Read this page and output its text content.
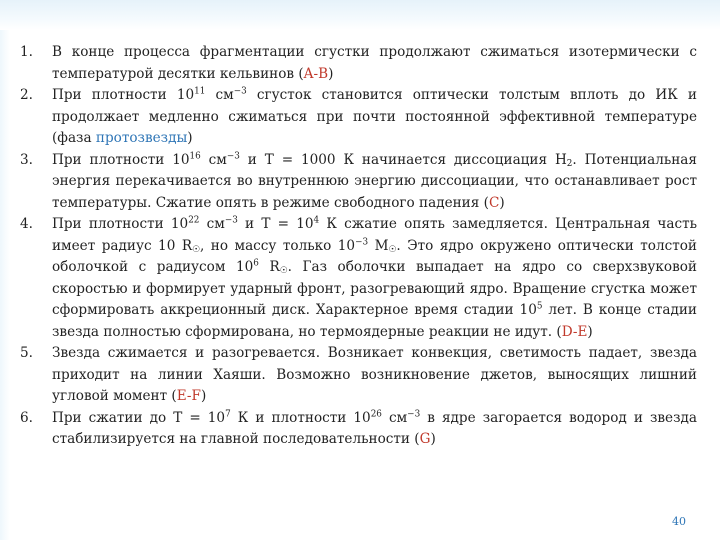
1. В конце процесса фрагментации сгустки продолжают сжиматься изотермически с температурой десятки кельвинов (A-B)
2. При плотности $10^{11}$ $см^{-3}$ сгусток становится оптически толстым вплоть до ИК и продолжает медленно сжиматься при почти постоянной эффективной температуре (фаза протозвезды)
3. При плотности $10^{16}$ $см^{-3}$ и T = 1000 К начинается диссоциация $H_2$. Потенциальная энергия перекачивается во внутреннюю энергию диссоциации, что останавливает рост температуры. Сжатие опять в режиме свободного падения (C)
4. При плотности $10^{22}$ $см^{-3}$ и $T = 10^4$ К сжатие опять замедляется. Центральная часть имеет радиус 10 $R_☉$, но массу только $10^{-3}$ $M_☉$. Это ядро окружено оптически толстой оболочкой с радиусом $10^6$ $R_☉$. Газ оболочки выпадает на ядро со сверхзвуковой скоростью и формирует ударный фронт, разогревающий ядро. Вращение сгустка может сформировать аккреционный диск. Характерное время стадии $10^5$ лет. В конце стадии звезда полностью сформирована, но термоядерные реакции не идут. (D-E)
5. Звезда сжимается и разогревается. Возникает конвекция, светимость падает, звезда приходит на линии Хаяши. Возможно возникновение джетов, выносящих лишний угловой момент (E-F)
6. При сжатии до $T = 10^7$ К и плотности $10^{26}$ $см^{-3}$ в ядре загорается водород и звезда стабилизируется на главной последовательности (G)
40
